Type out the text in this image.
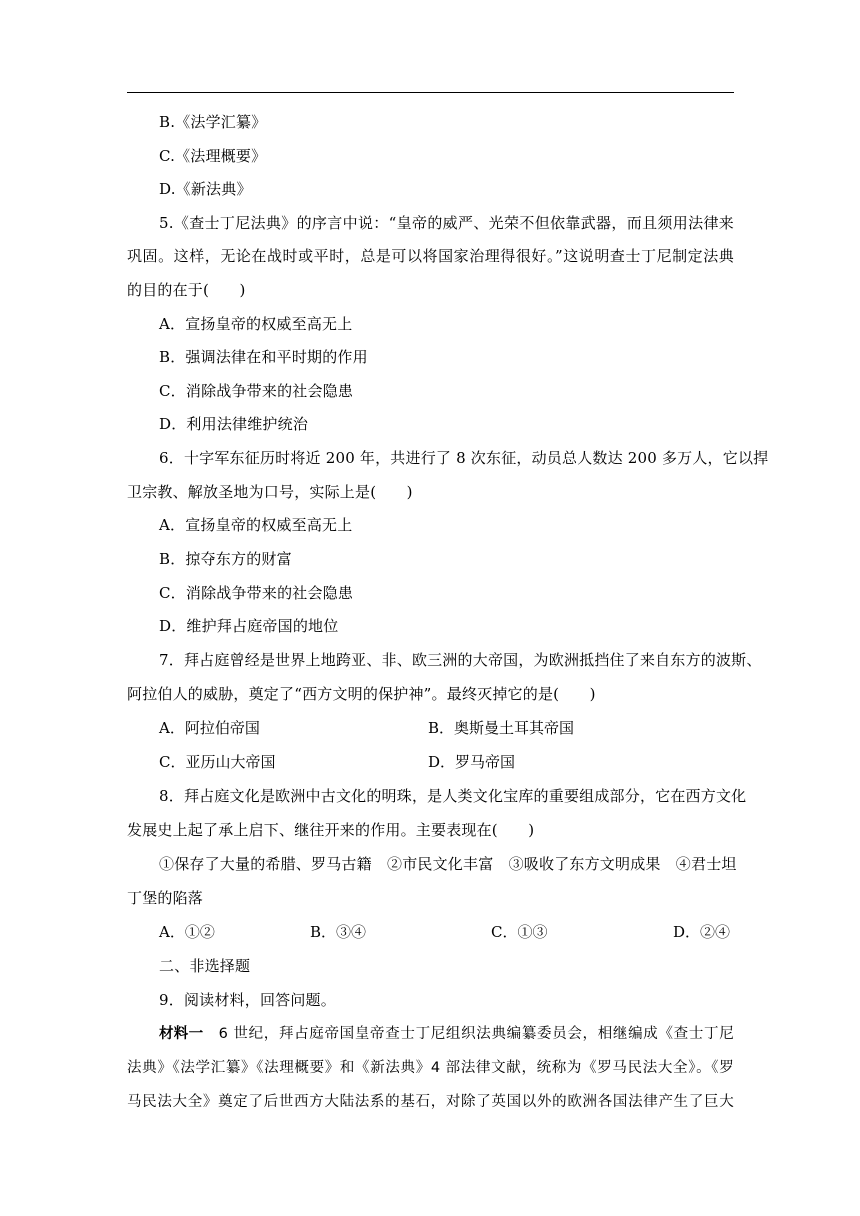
B.《法学汇纂》
C.《法理概要》
D.《新法典》
5.《查士丁尼法典》的序言中说：“皇帝的威严、光荣不但依靠武器，而且须用法律来
巩固。这样，无论在战时或平时，总是可以将国家治理得很好。”这说明查士丁尼制定法典
的目的在于(　　)
A．宣扬皇帝的权威至高无上
B．强调法律在和平时期的作用
C．消除战争带来的社会隐患
D．利用法律维护统治
6．十字军东征历时将近 200 年，共进行了 8 次东征，动员总人数达 200 多万人，它以捍
卫宗教、解放圣地为口号，实际上是(　　)
A．宣扬皇帝的权威至高无上
B．掠夺东方的财富
C．消除战争带来的社会隐患
D．维护拜占庭帝国的地位
7．拜占庭曾经是世界上地跨亚、非、欧三洲的大帝国，为欧洲抵挡住了来自东方的波斯、
阿拉伯人的威胁，奠定了“西方文明的保护神”。最终灭掉它的是(　　)
A．阿拉伯帝国	B．奥斯曼土耳其帝国
C．亚历山大帝国	D．罗马帝国
8．拜占庭文化是欧洲中古文化的明珠，是人类文化宝库的重要组成部分，它在西方文化
发展史上起了承上启下、继往开来的作用。主要表现在(　　)
①保存了大量的希腊、罗马古籍　②市民文化丰富　③吸收了东方文明成果　④君士坦
丁堡的陷落
A．①②	B．③④	C．①③	D．②④
二、非选择题
9．阅读材料，回答问题。
材料一 　6 世纪，拜占庭帝国皇帝查士丁尼组织法典编纂委员会，相继编成《查士丁尼
法典》《法学汇纂》《法理概要》和《新法典》4 部法律文献，统称为《罗马民法大全》。《罗
马民法大全》奠定了后世西方大陆法系的基石，对除了英国以外的欧洲各国法律产生了巨大
